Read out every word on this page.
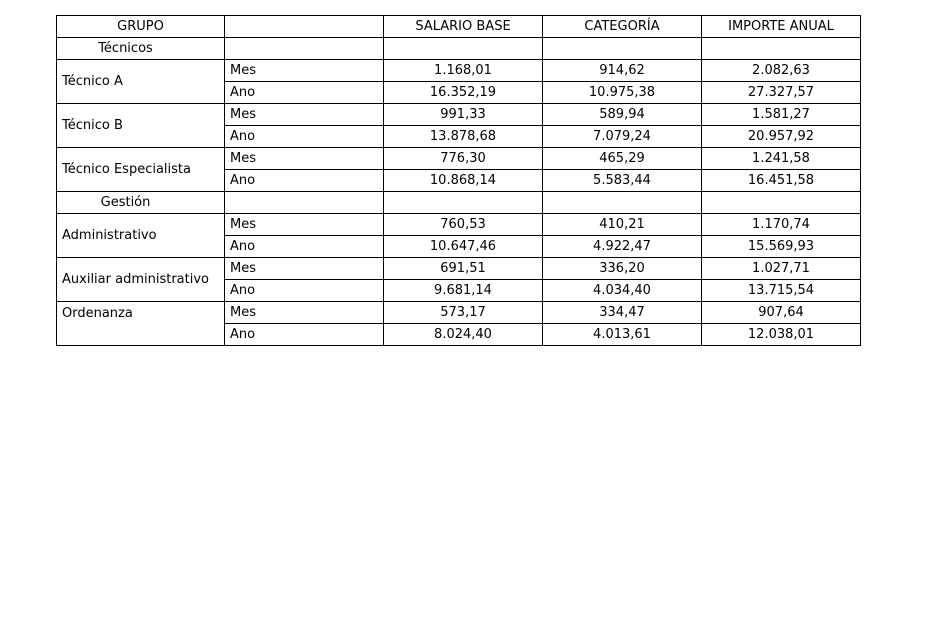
GRUPO		SALARIO BASE	CATEGORÍA	IMPORTE ANUAL
Técnicos				
Técnico A	Mes	1.168,01	914,62	2.082,63
	Ano	16.352,19	10.975,38	27.327,57
Técnico B	Mes	991,33	589,94	1.581,27
	Ano	13.878,68	7.079,24	20.957,92
Técnico Especialista	Mes	776,30	465,29	1.241,58
	Ano	10.868,14	5.583,44	16.451,58
Gestión				
Administrativo	Mes	760,53	410,21	1.170,74
	Ano	10.647,46	4.922,47	15.569,93
Auxiliar administrativo	Mes	691,51	336,20	1.027,71
	Ano	9.681,14	4.034,40	13.715,54
Ordenanza	Mes	573,17	334,47	907,64
	Ano	8.024,40	4.013,61	12.038,01
